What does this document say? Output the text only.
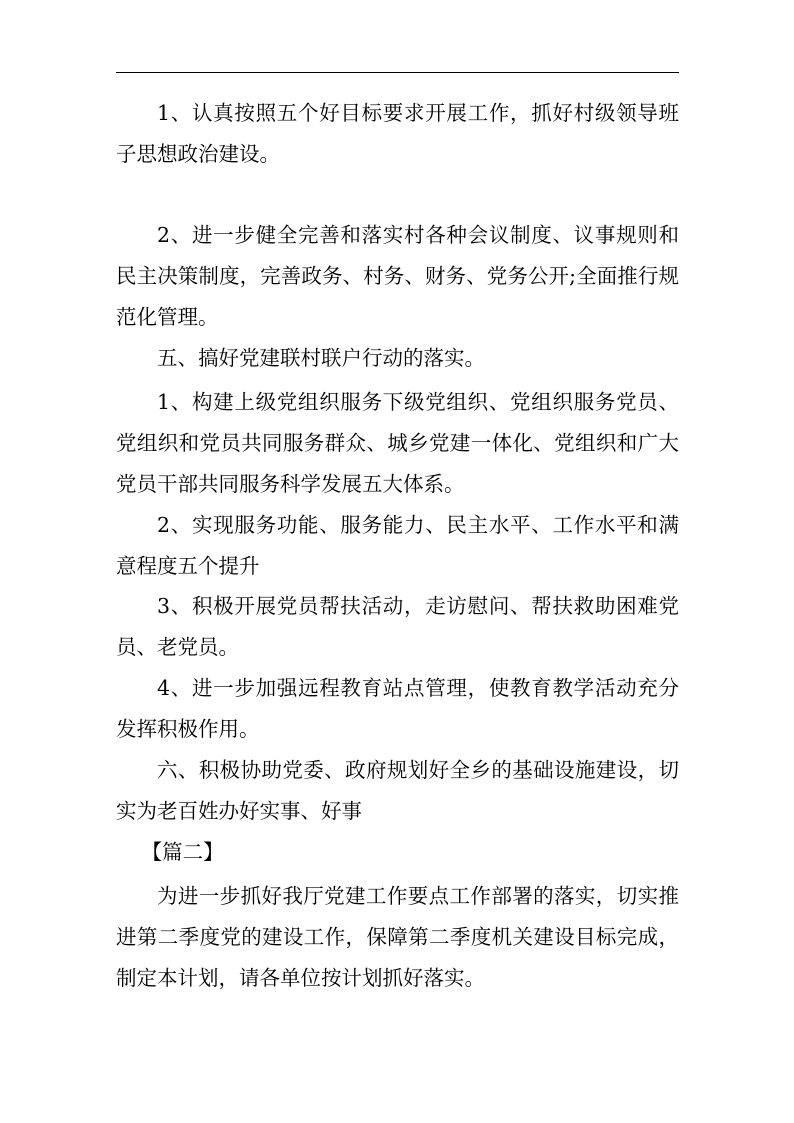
1、认真按照五个好目标要求开展工作，抓好村级领导班子思想政治建设。

2、进一步健全完善和落实村各种会议制度、议事规则和民主决策制度，完善政务、村务、财务、党务公开;全面推行规范化管理。

五、搞好党建联村联户行动的落实。

1、构建上级党组织服务下级党组织、党组织服务党员、党组织和党员共同服务群众、城乡党建一体化、党组织和广大党员干部共同服务科学发展五大体系。

2、实现服务功能、服务能力、民主水平、工作水平和满意程度五个提升

3、积极开展党员帮扶活动，走访慰问、帮扶救助困难党员、老党员。

4、进一步加强远程教育站点管理，使教育教学活动充分发挥积极作用。

六、积极协助党委、政府规划好全乡的基础设施建设，切实为老百姓办好实事、好事

【篇二】

为进一步抓好我厅党建工作要点工作部署的落实，切实推进第二季度党的建设工作，保障第二季度机关建设目标完成，制定本计划，请各单位按计划抓好落实。
